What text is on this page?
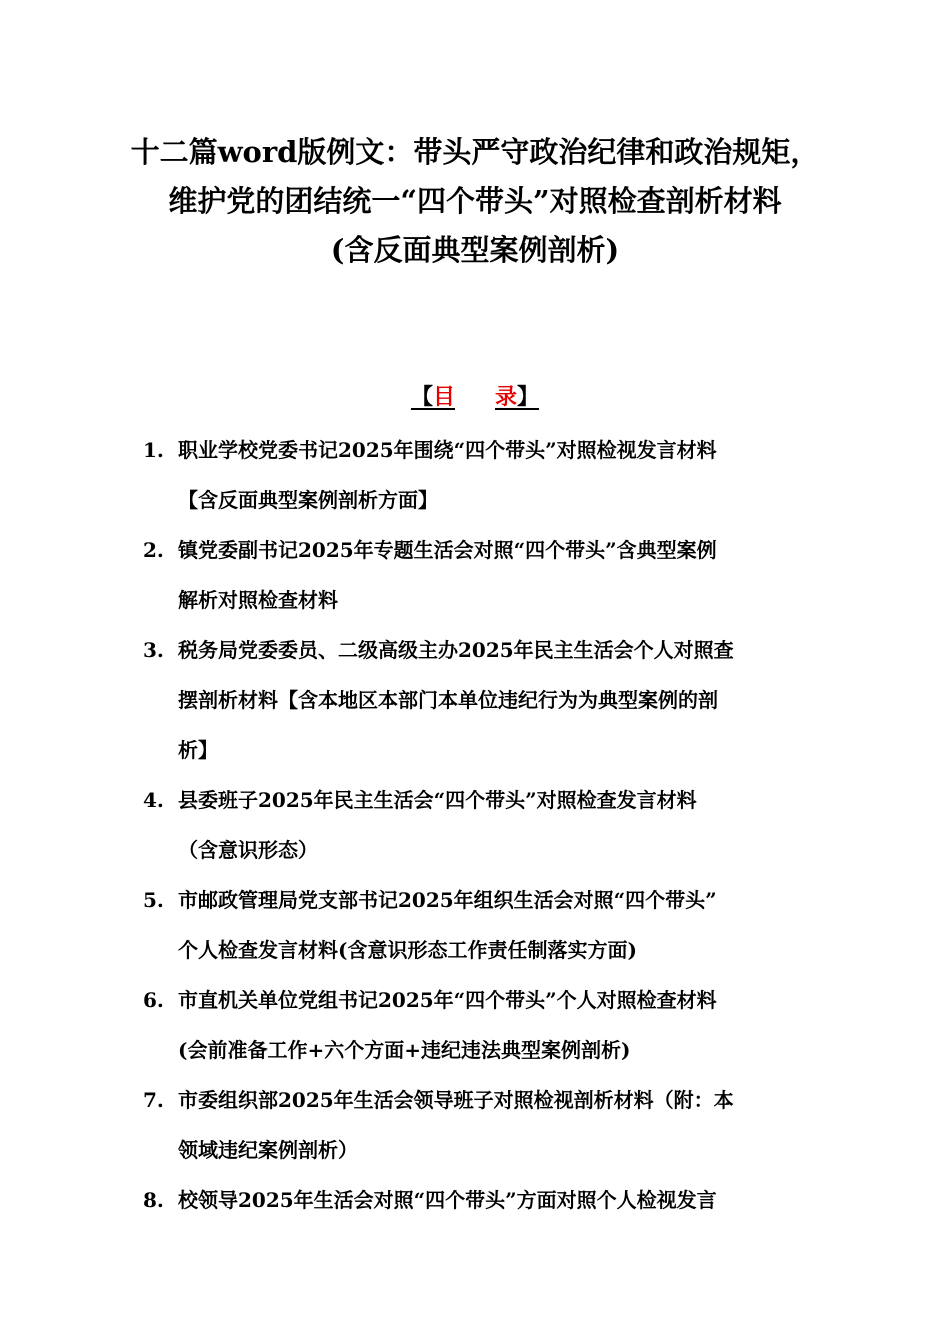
十二篇word版例文：带头严守政治纪律和政治规矩，
维护党的团结统一“四个带头”对照检查剖析材料
(含反面典型案例剖析)
【目 录】
1. 职业学校党委书记2025年围绕“四个带头”对照检视发言材料
【含反面典型案例剖析方面】
2. 镇党委副书记2025年专题生活会对照“四个带头”含典型案例
解析对照检查材料
3. 税务局党委委员、二级高级主办2025年民主生活会个人对照查
摆剖析材料【含本地区本部门本单位违纪行为为典型案例的剖
析】
4. 县委班子2025年民主生活会“四个带头”对照检查发言材料
（含意识形态）
5. 市邮政管理局党支部书记2025年组织生活会对照“四个带头”
个人检查发言材料(含意识形态工作责任制落实方面)
6. 市直机关单位党组书记2025年“四个带头”个人对照检查材料
(会前准备工作+六个方面+违纪违法典型案例剖析)
7. 市委组织部2025年生活会领导班子对照检视剖析材料（附：本
领域违纪案例剖析）
8. 校领导2025年生活会对照“四个带头”方面对照个人检视发言
